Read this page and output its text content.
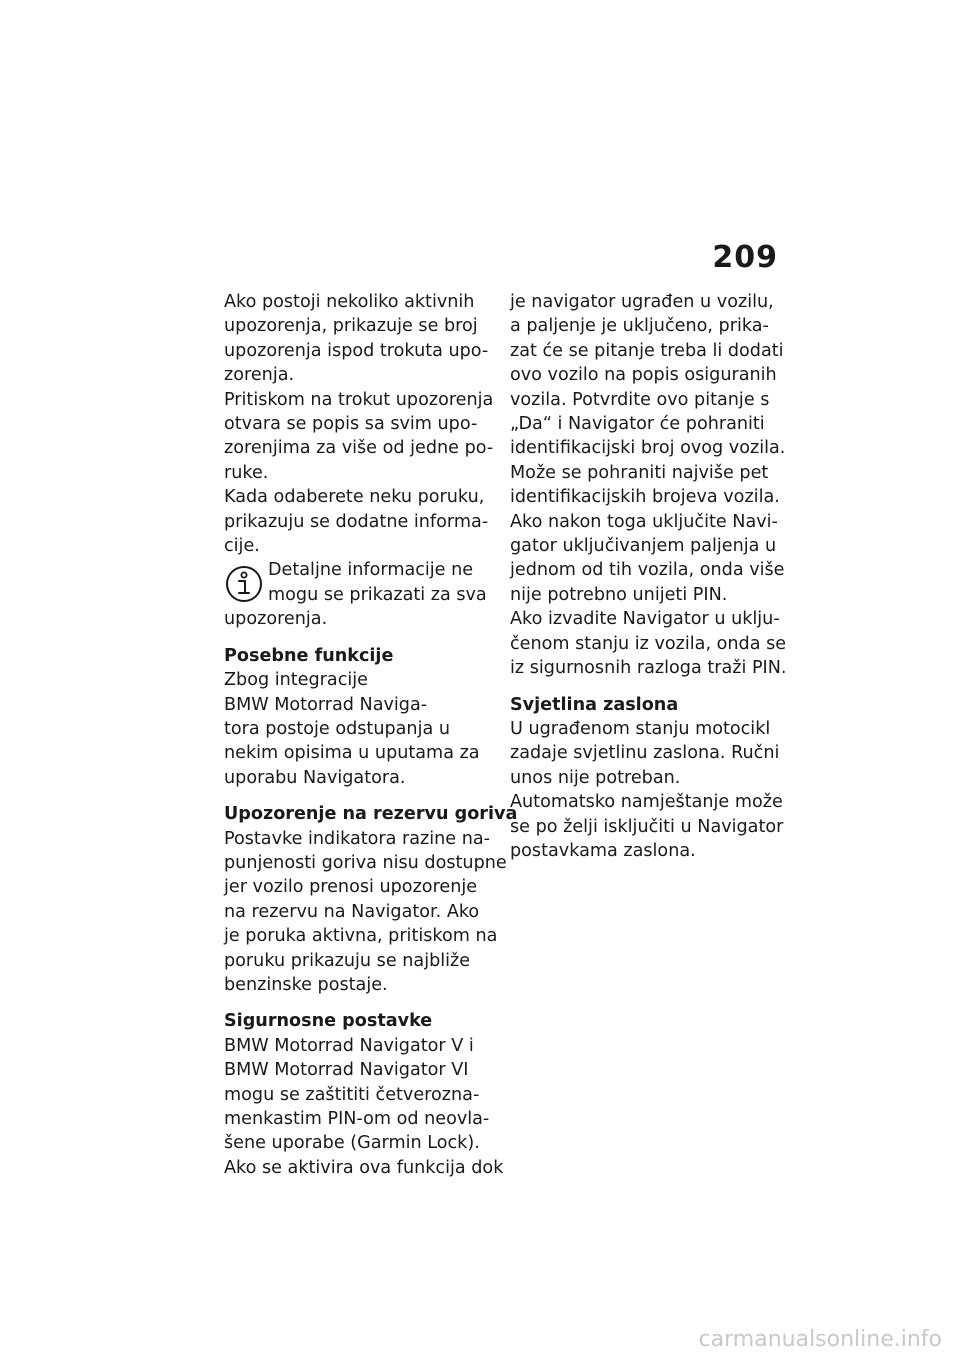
209
Ako postoji nekoliko aktivnih
upozorenja, prikazuje se broj
upozorenja ispod trokuta upo-
zorenja.
Pritiskom na trokut upozorenja
otvara se popis sa svim upo-
zorenjima za više od jedne po-
ruke.
Kada odaberete neku poruku,
prikazuju se dodatne informa-
cije.
Detaljne informacije ne
mogu se prikazati za sva
upozorenja.
Posebne funkcije
Zbog integracije
BMW Motorrad Naviga-
tora postoje odstupanja u
nekim opisima u uputama za
uporabu Navigatora.
Upozorenje na rezervu goriva
Postavke indikatora razine na-
punjenosti goriva nisu dostupne
jer vozilo prenosi upozorenje
na rezervu na Navigator. Ako
je poruka aktivna, pritiskom na
poruku prikazuju se najbliže
benzinske postaje.
Sigurnosne postavke
BMW Motorrad Navigator V i
BMW Motorrad Navigator VI
mogu se zaštititi četverozna-
menkastim PIN-om od neovla-
šene uporabe (Garmin Lock).
Ako se aktivira ova funkcija dok
je navigator ugrađen u vozilu,
a paljenje je uključeno, prika-
zat će se pitanje treba li dodati
ovo vozilo na popis osiguranih
vozila. Potvrdite ovo pitanje s
„Da“ i Navigator će pohraniti
identifikacijski broj ovog vozila.
Može se pohraniti najviše pet
identifikacijskih brojeva vozila.
Ako nakon toga uključite Navi-
gator uključivanjem paljenja u
jednom od tih vozila, onda više
nije potrebno unijeti PIN.
Ako izvadite Navigator u uklju-
čenom stanju iz vozila, onda se
iz sigurnosnih razloga traži PIN.
Svjetlina zaslona
U ugrađenom stanju motocikl
zadaje svjetlinu zaslona. Ručni
unos nije potreban.
Automatsko namještanje može
se po želji isključiti u Navigator
postavkama zaslona.
carmanualsonline.info
